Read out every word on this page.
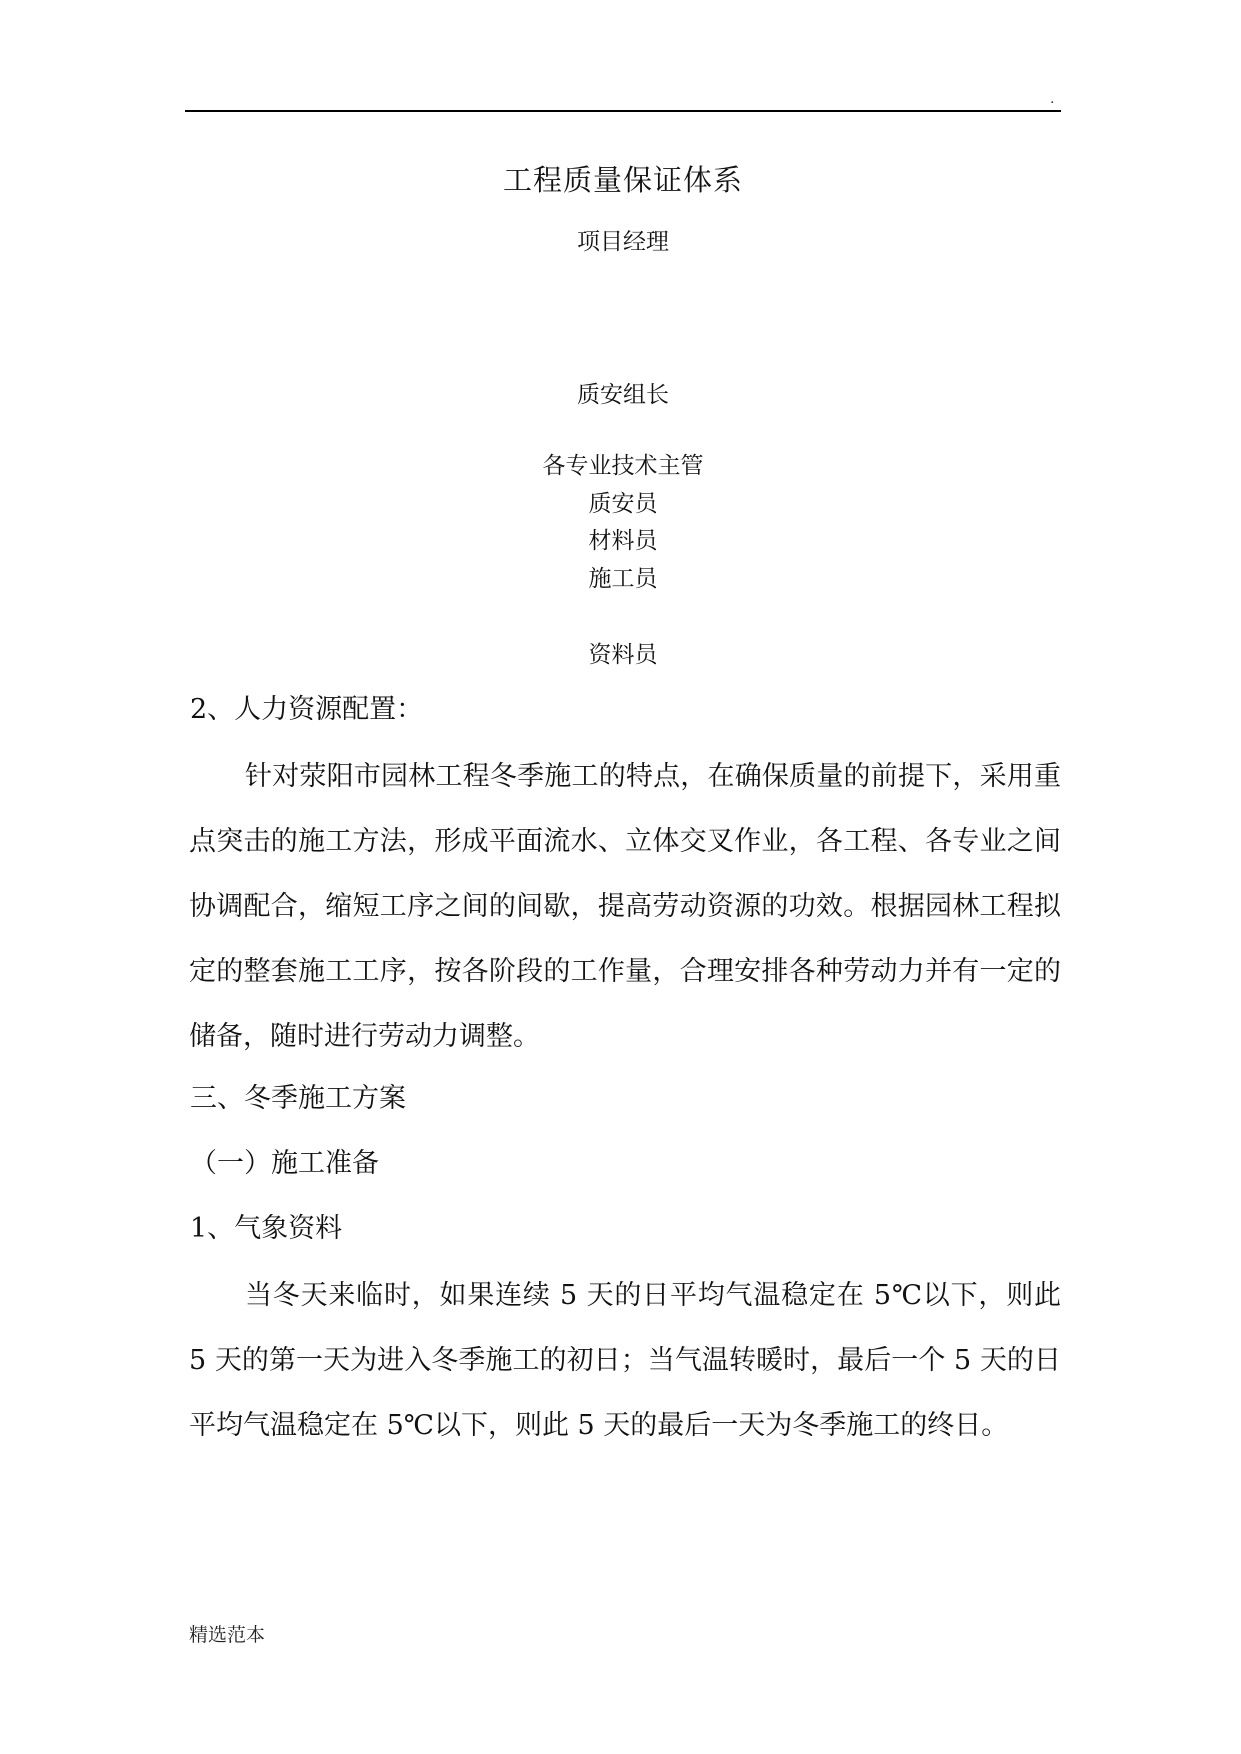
.
工程质量保证体系
项目经理
质安组长
各专业技术主管
质安员
材料员
施工员
资料员
2、人力资源配置：

针对荥阳市园林工程冬季施工的特点，在确保质量的前提下，采用重点突击的施工方法，形成平面流水、立体交叉作业，各工程、各专业之间协调配合，缩短工序之间的间歇，提高劳动资源的功效。根据园林工程拟定的整套施工工序，按各阶段的工作量，合理安排各种劳动力并有一定的储备，随时进行劳动力调整。

三、冬季施工方案
（一）施工准备
1、气象资料

当冬天来临时，如果连续 5 天的日平均气温稳定在 5℃以下，则此 5 天的第一天为进入冬季施工的初日；当气温转暖时，最后一个 5 天的日平均气温稳定在 5℃以下，则此 5 天的最后一天为冬季施工的终日。

精选范本
